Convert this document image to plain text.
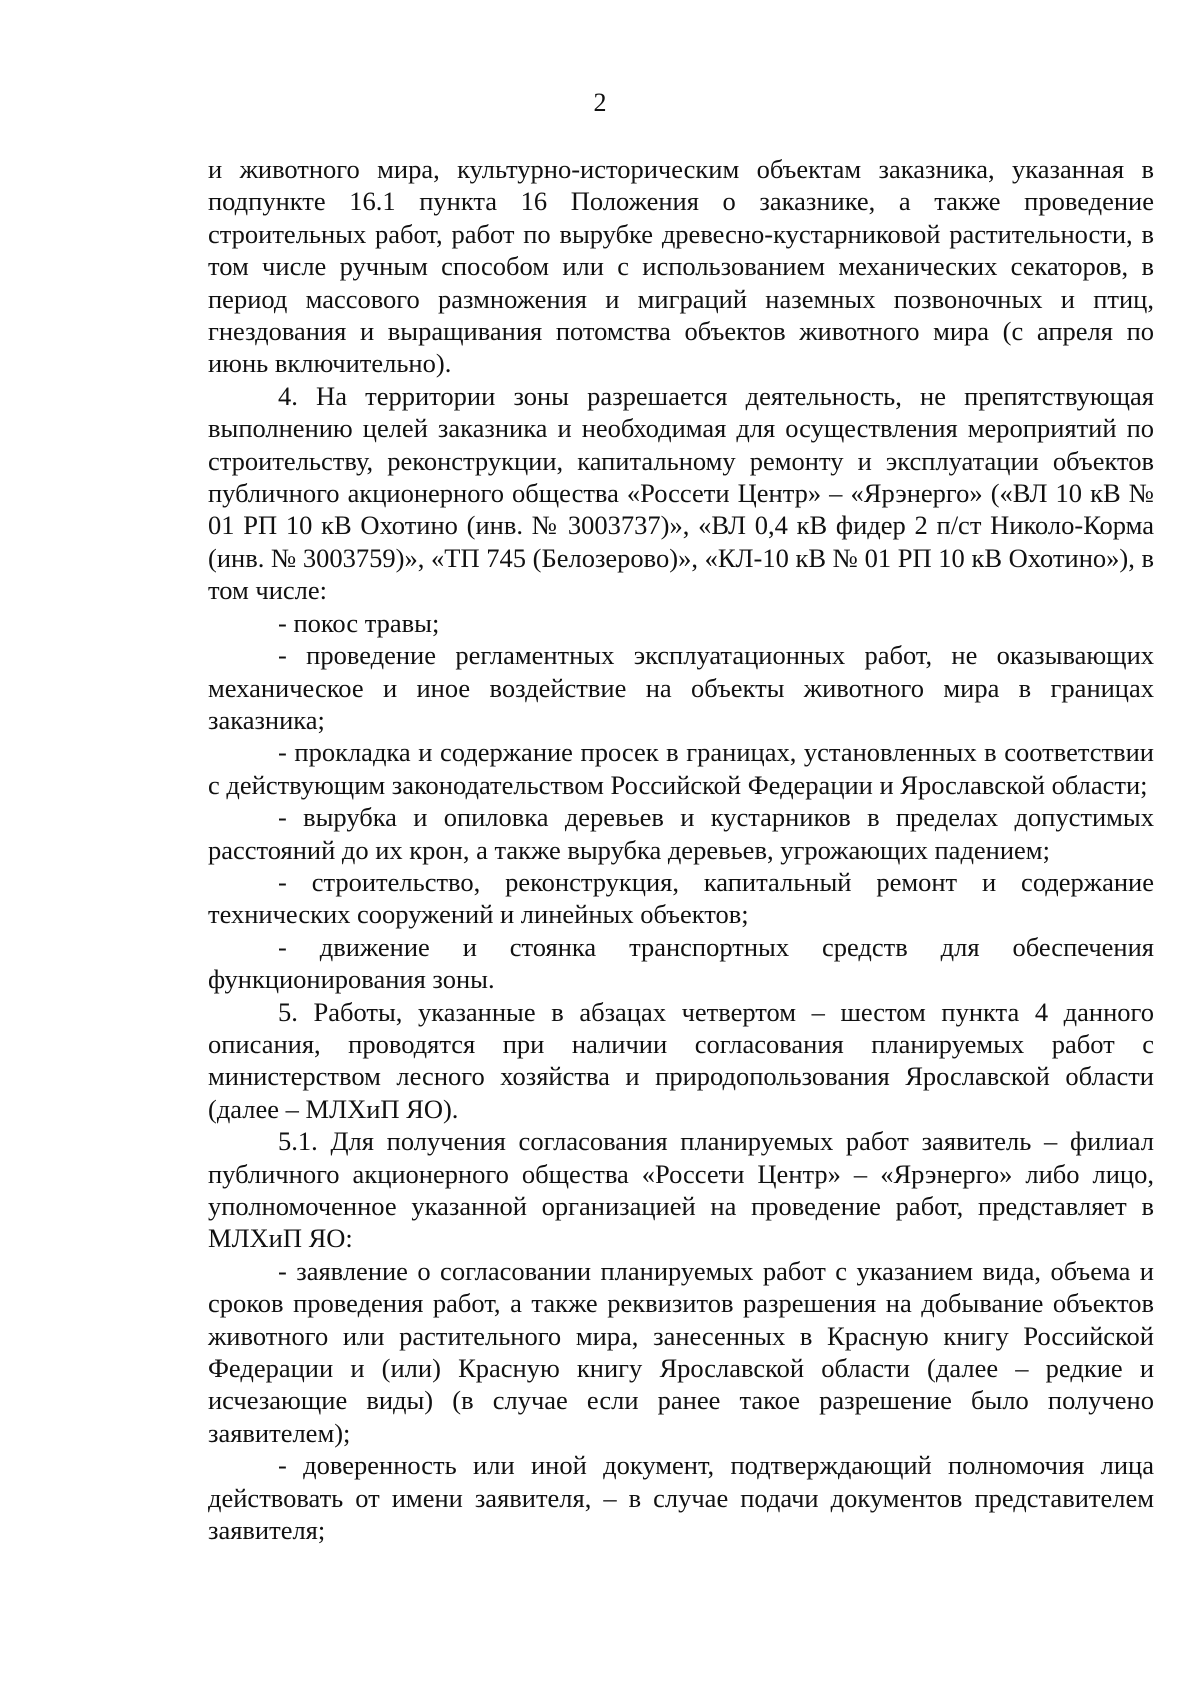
2

и животного мира, культурно-историческим объектам заказника, указанная в подпункте 16.1 пункта 16 Положения о заказнике, а также проведение строительных работ, работ по вырубке древесно-кустарниковой растительности, в том числе ручным способом или с использованием механических секаторов, в период массового размножения и миграций наземных позвоночных и птиц, гнездования и выращивания потомства объектов животного мира (с апреля по июнь включительно).

4. На территории зоны разрешается деятельность, не препятствующая выполнению целей заказника и необходимая для осуществления мероприятий по строительству, реконструкции, капитальному ремонту и эксплуатации объектов публичного акционерного общества «Россети Центр» – «Ярэнерго» («ВЛ 10 кВ № 01 РП 10 кВ Охотино (инв. № 3003737)», «ВЛ 0,4 кВ фидер 2 п/ст Николо-Корма (инв. № 3003759)», «ТП 745 (Белозерово)», «КЛ-10 кВ № 01 РП 10 кВ Охотино»), в том числе:

- покос травы;

- проведение регламентных эксплуатационных работ, не оказывающих механическое и иное воздействие на объекты животного мира в границах заказника;

- прокладка и содержание просек в границах, установленных в соответствии с действующим законодательством Российской Федерации и Ярославской области;

- вырубка и опиловка деревьев и кустарников в пределах допустимых расстояний до их крон, а также вырубка деревьев, угрожающих падением;

- строительство, реконструкция, капитальный ремонт и содержание технических сооружений и линейных объектов;

- движение и стоянка транспортных средств для обеспечения функционирования зоны.

5. Работы, указанные в абзацах четвертом – шестом пункта 4 данного описания, проводятся при наличии согласования планируемых работ с министерством лесного хозяйства и природопользования Ярославской области (далее – МЛХиП ЯО).

5.1. Для получения согласования планируемых работ заявитель – филиал публичного акционерного общества «Россети Центр» – «Ярэнерго» либо лицо, уполномоченное указанной организацией на проведение работ, представляет в МЛХиП ЯО:

- заявление о согласовании планируемых работ с указанием вида, объема и сроков проведения работ, а также реквизитов разрешения на добывание объектов животного или растительного мира, занесенных в Красную книгу Российской Федерации и (или) Красную книгу Ярославской области (далее – редкие и исчезающие виды) (в случае если ранее такое разрешение было получено заявителем);

- доверенность или иной документ, подтверждающий полномочия лица действовать от имени заявителя, – в случае подачи документов представителем заявителя;
